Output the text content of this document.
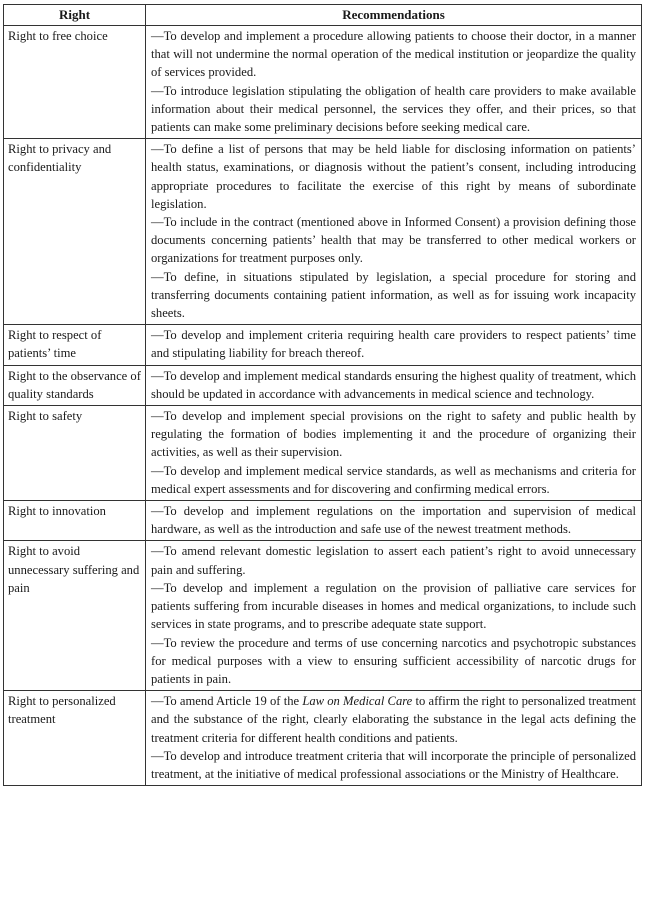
Right	Recommendations
Right to free choice	—To develop and implement a procedure allowing patients to choose their doctor, in a manner that will not undermine the normal operation of the medical institution or jeopardize the quality of services provided.
—To introduce legislation stipulating the obligation of health care providers to make available information about their medical personnel, the services they offer, and their prices, so that patients can make some preliminary decisions before seeking medical care.

Right to privacy and confidentiality	—To define a list of persons that may be held liable for disclosing information on patients’ health status, examinations, or diagnosis without the patient’s consent, including introducing appropriate procedures to facilitate the exercise of this right by means of subordinate legislation.
—To include in the contract (mentioned above in Informed Consent) a provision defining those documents concerning patients’ health that may be transferred to other medical workers or organizations for treatment purposes only.
—To define, in situations stipulated by legislation, a special procedure for storing and transferring documents containing patient information, as well as for issuing work incapacity sheets.

Right to respect of patients’ time	—To develop and implement criteria requiring health care providers to respect patients’ time and stipulating liability for breach thereof.

Right to the observance of quality standards	—To develop and implement medical standards ensuring the highest quality of treatment, which should be updated in accordance with advancements in medical science and technology.

Right to safety	—To develop and implement special provisions on the right to safety and public health by regulating the formation of bodies implementing it and the procedure of organizing their activities, as well as their supervision.
—To develop and implement medical service standards, as well as mechanisms and criteria for medical expert assessments and for discovering and confirming medical errors.

Right to innovation	—To develop and implement regulations on the importation and supervision of medical hardware, as well as the introduction and safe use of the newest treatment methods.

Right to avoid unnecessary suffering and pain	—To amend relevant domestic legislation to assert each patient’s right to avoid unnecessary pain and suffering.
—To develop and implement a regulation on the provision of palliative care services for patients suffering from incurable diseases in homes and medical organizations, to include such services in state programs, and to prescribe adequate state support.
—To review the procedure and terms of use concerning narcotics and psychotropic substances for medical purposes with a view to ensuring sufficient accessibility of narcotic drugs for patients in pain.

Right to personalized treatment	—To amend Article 19 of the Law on Medical Care to affirm the right to personalized treatment and the substance of the right, clearly elaborating the substance in the legal acts defining the treatment criteria for different health conditions and patients.
—To develop and introduce treatment criteria that will incorporate the principle of personalized treatment, at the initiative of medical professional associations or the Ministry of Healthcare.
